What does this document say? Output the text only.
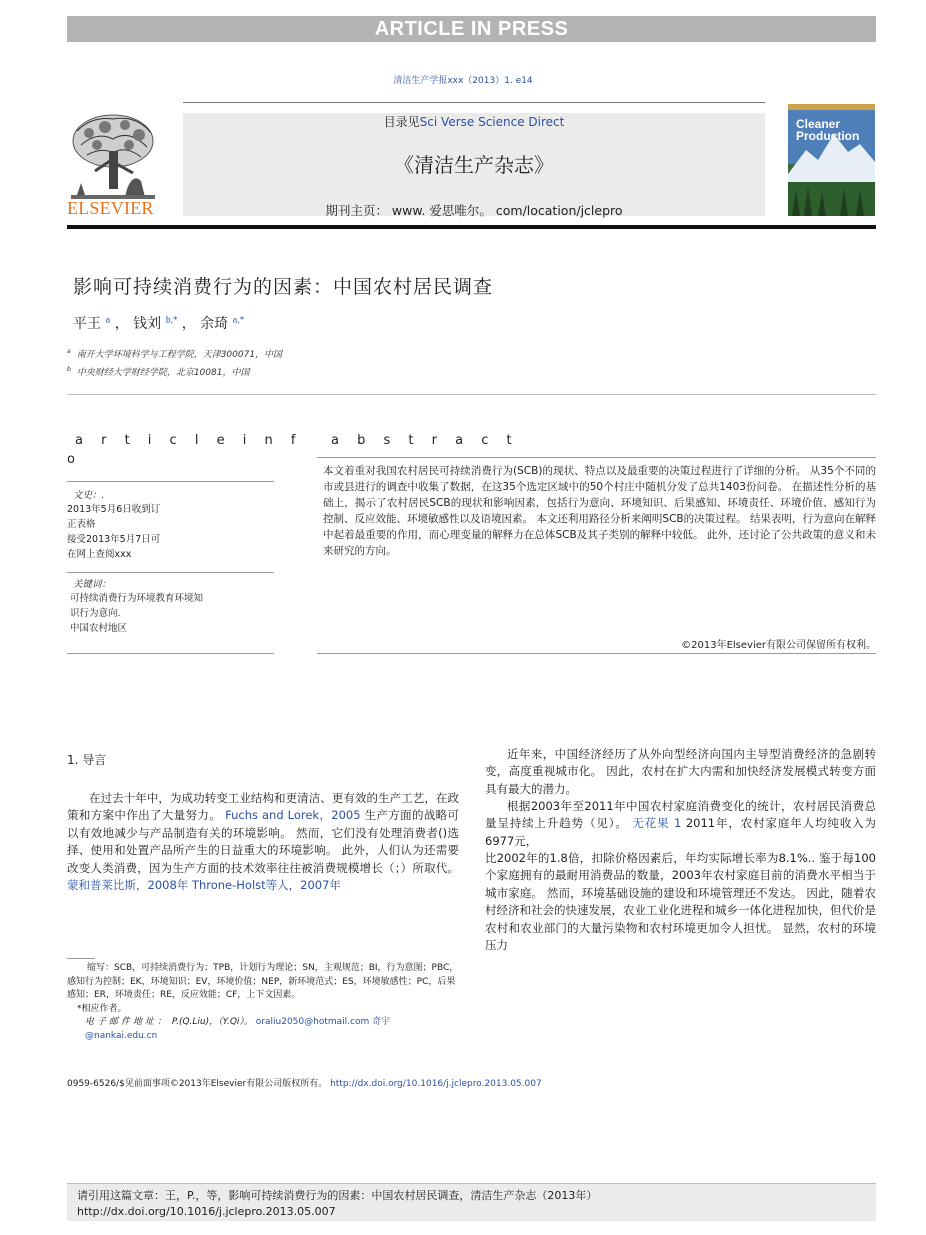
ARTICLE IN PRESS
清洁生产学报xxx（2013）1. e14
ELSEVIER
目录见Sci Verse Science Direct
《清洁生产杂志》
期刊主页： www. 爱思唯尔。 com/location/jclepro
Cleaner
Production
影响可持续消费行为的因素：中国农村居民调查
平王 $^a$ ， 钱刘 $^{b,*}$ ， 余琦 $^{a,*}$
$^a$ 南开大学环境科学与工程学院，天津300071，中国
$^b$ 中央财经大学财经学院，北京10081，中国
a r t i c l e i n f
o
文史：.
2013年5月6日收到订
正表格
接受2013年5月7日可
在网上查阅xxx
关键词：
可持续消费行为环境教育环境知
识行为意向.
中国农村地区
a b s t r a c t
本文着重对我国农村居民可持续消费行为(SCB)的现状、特点以及最重要的决策过程进行了详细的分析。 从35个不同的市或县进行的调查中收集了数据，在这35个选定区域中的50个村庄中随机分发了总共1403份问卷。 在描述性分析的基础上，揭示了农村居民SCB的现状和影响因素，包括行为意向、环境知识、后果感知、环境责任、环境价值、感知行为控制、反应效能、环境敏感性以及语境因素。 本文还利用路径分析来阐明SCB的决策过程。 结果表明，行为意向在解释中起着最重要的作用，而心理变量的解释力在总体SCB及其子类别的解释中较低。 此外，还讨论了公共政策的意义和未来研究的方向。
©2013年Elsevier有限公司保留所有权利。
1. 导言
在过去十年中，为成功转变工业结构和更清洁、更有效的生产工艺，在政策和方案中作出了大量努力。 Fuchs and Lorek，2005 生产方面的战略可以有效地减少与产品制造有关的环境影响。 然而，它们没有处理消费者()选择、使用和处置产品所产生的日益重大的环境影响。 此外，人们认为还需要改变人类消费，因为生产方面的技术效率往往被消费规模增长（；）所取代。 蒙和普莱比斯，2008年 Throne-Holst等人，2007年
近年来，中国经济经历了从外向型经济向国内主导型消费经济的急剧转变，高度重视城市化。 因此，农村在扩大内需和加快经济发展模式转变方面具有最大的潜力。
根据2003年至2011年中国农村家庭消费变化的统计，农村居民消费总量呈持续上升趋势（见）。 无花果 1 2011年，农村家庭年人均纯收入为6977元，
比2002年的1.8倍，扣除价格因素后，年均实际增长率为8.1%.. 鉴于每100个家庭拥有的最耐用消费品的数量，2003年农村家庭目前的消费水平相当于城市家庭。 然而，环境基础设施的建设和环境管理还不发达。 因此，随着农村经济和社会的快速发展，农业工业化进程和城乡一体化进程加快，但代价是农村和农业部门的大量污染物和农村环境更加令人担忧。 显然，农村的环境压力
缩写：SCB，可持续消费行为；TPB，计划行为理论；SN，主观规范；BI，行为意图；PBC，感知行为控制；EK，环境知识；EV，环境价值；NEP，新环境范式；ES，环境敏感性；PC，后果感知；ER，环境责任；RE，反应效能；CF，上下文因素。
*相应作者。
电子邮件地址： P.(Q.Liu)，（Y.Qi）。 oraliu2050@hotmail.com 奇宇@nankai.edu.cn
0959-6526/$见前面事项©2013年Elsevier有限公司版权所有。 http://dx.doi.org/10.1016/j.jclepro.2013.05.007
请引用这篇文章：王，P.，等，影响可持续消费行为的因素：中国农村居民调查，清洁生产杂志（2013年）
http://dx.doi.org/10.1016/j.jclepro.2013.05.007
